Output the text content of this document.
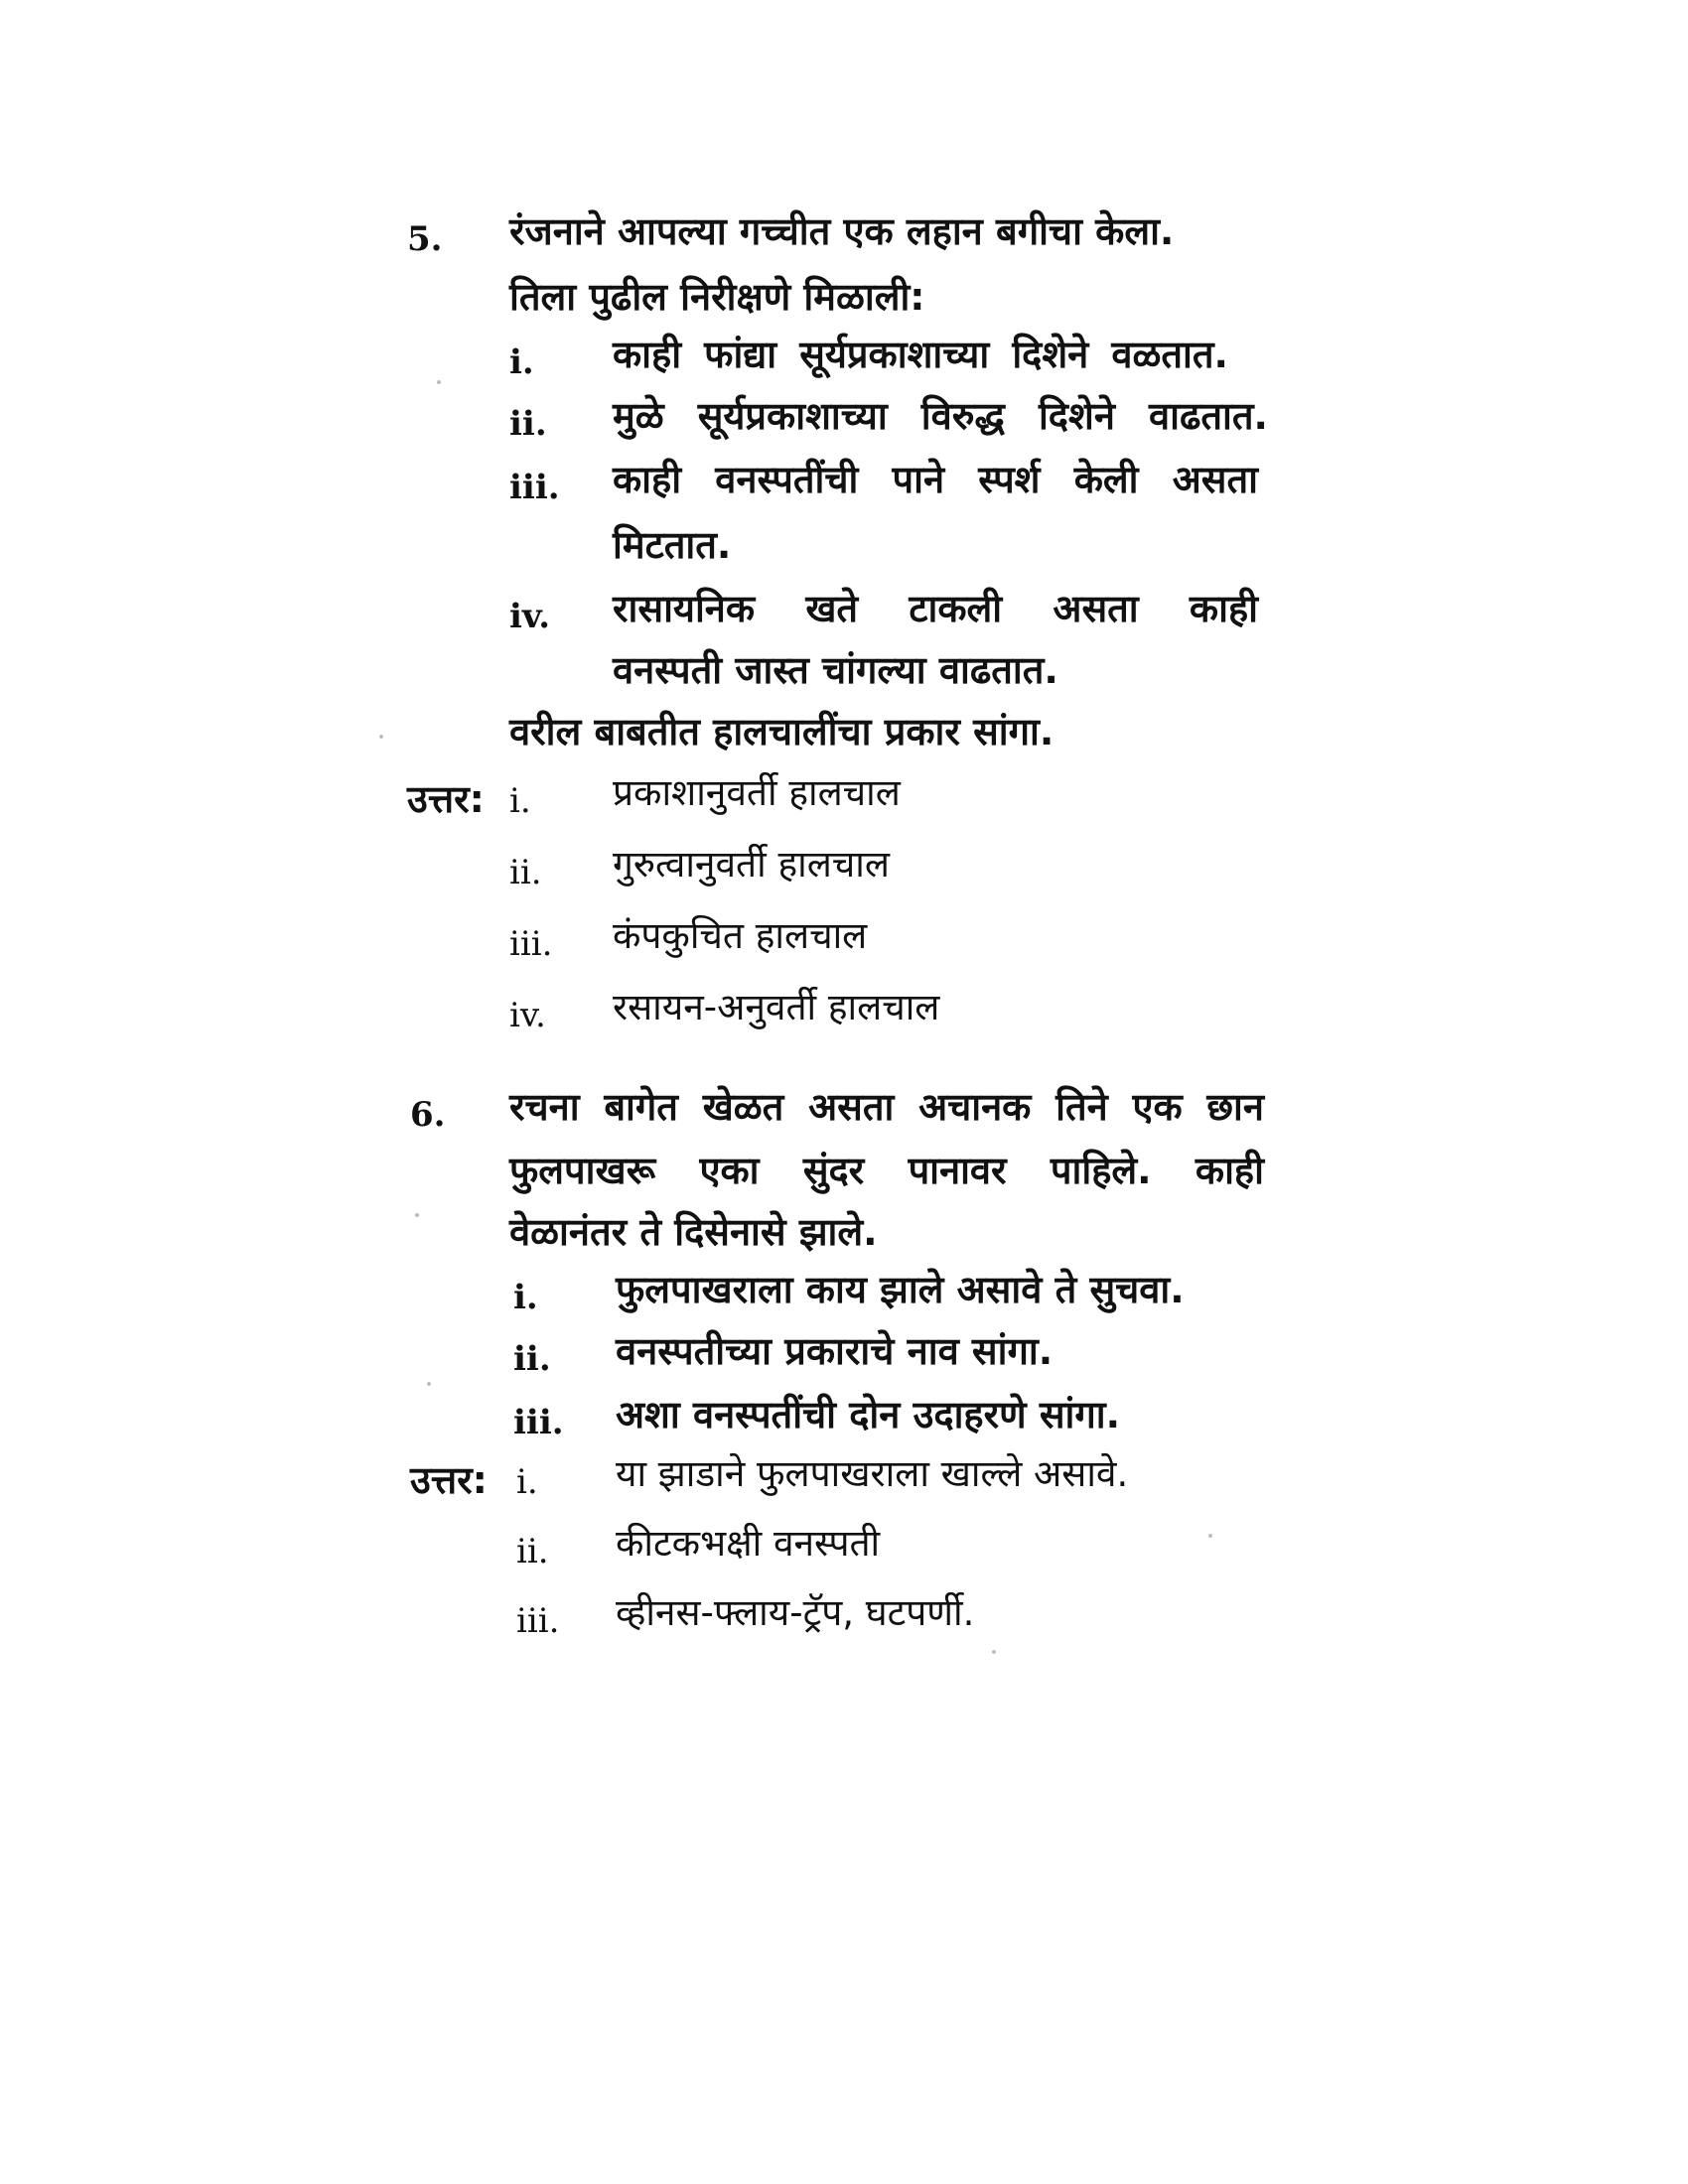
5. रंजनाने आपल्या गच्चीत एक लहान बगीचा केला.
तिला पुढील निरीक्षणे मिळाली:
i. काही फांद्या सूर्यप्रकाशाच्या दिशेने वळतात.
ii. मुळे सूर्यप्रकाशाच्या विरुद्ध दिशेने वाढतात.
iii. काही वनस्पतींची पाने स्पर्श केली असता
मिटतात.
iv. रासायनिक खते टाकली असता काही
वनस्पती जास्त चांगल्या वाढतात.
वरील बाबतीत हालचालींचा प्रकार सांगा.
उत्तर: i. प्रकाशानुवर्ती हालचाल
ii. गुरुत्वानुवर्ती हालचाल
iii. कंपकुचित हालचाल
iv. रसायन-अनुवर्ती हालचाल
6. रचना बागेत खेळत असता अचानक तिने एक छान
फुलपाखरू एका सुंदर पानावर पाहिले. काही
वेळानंतर ते दिसेनासे झाले.
i. फुलपाखराला काय झाले असावे ते सुचवा.
ii. वनस्पतीच्या प्रकाराचे नाव सांगा.
iii. अशा वनस्पतींची दोन उदाहरणे सांगा.
उत्तर: i. या झाडाने फुलपाखराला खाल्ले असावे.
ii. कीटकभक्षी वनस्पती
iii. व्हीनस-फ्लाय-ट्रॅप, घटपर्णी.
